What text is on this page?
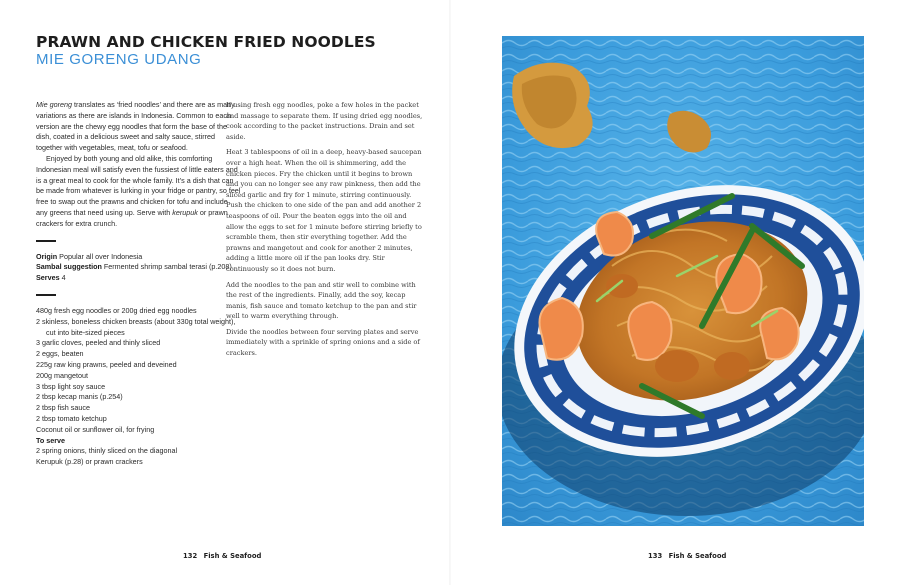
PRAWN AND CHICKEN FRIED NOODLES
MIE GORENG UDANG

Mie goreng translates as ‘fried noodles’ and there are as many variations as there are islands in Indonesia. Common to each version are the chewy egg noodles that form the base of the dish, coated in a delicious sweet and salty sauce, stirred together with vegetables, meat, tofu or seafood.

Enjoyed by both young and old alike, this comforting Indonesian meal will satisfy even the fussiest of little eaters and is a great meal to cook for the whole family. It’s a dish that can be made from whatever is lurking in your fridge or pantry, so feel free to swap out the prawns and chicken for tofu and include any greens that need using up. Serve with kerupuk or prawn crackers for extra crunch.

Origin Popular all over Indonesia

Sambal suggestion Fermented shrimp sambal terasi (p.208)

Serves 4

480g fresh egg noodles or 200g dried egg noodles
2 skinless, boneless chicken breasts (about 330g total weight), cut into bite-sized pieces
3 garlic cloves, peeled and thinly sliced
2 eggs, beaten
225g raw king prawns, peeled and deveined
200g mangetout
3 tbsp light soy sauce
2 tbsp kecap manis (p.254)
2 tbsp fish sauce
2 tbsp tomato ketchup
Coconut oil or sunflower oil, for frying

To serve

2 spring onions, thinly sliced on the diagonal
Kerupuk (p.28) or prawn crackers

If using fresh egg noodles, poke a few holes in the packet and massage to separate them. If using dried egg noodles, cook according to the packet instructions. Drain and set aside.

Heat 3 tablespoons of oil in a deep, heavy-based saucepan over a high heat. When the oil is shimmering, add the chicken pieces. Fry the chicken until it begins to brown and you can no longer see any raw pinkness, then add the sliced garlic and fry for 1 minute, stirring continuously. Push the chicken to one side of the pan and add another 2 teaspoons of oil. Pour the beaten eggs into the oil and allow the eggs to set for 1 minute before stirring briefly to scramble them, then stir everything together. Add the prawns and mangetout and cook for another 2 minutes, adding a little more oil if the pan looks dry. Stir continuously so it does not burn.

Add the noodles to the pan and stir well to combine with the rest of the ingredients. Finally, add the soy, kecap manis, fish sauce and tomato ketchup to the pan and stir well to warm everything through.

Divide the noodles between four serving plates and serve immediately with a sprinkle of spring onions and a side of crackers.

132 Fish & Seafood	133 Fish & Seafood
